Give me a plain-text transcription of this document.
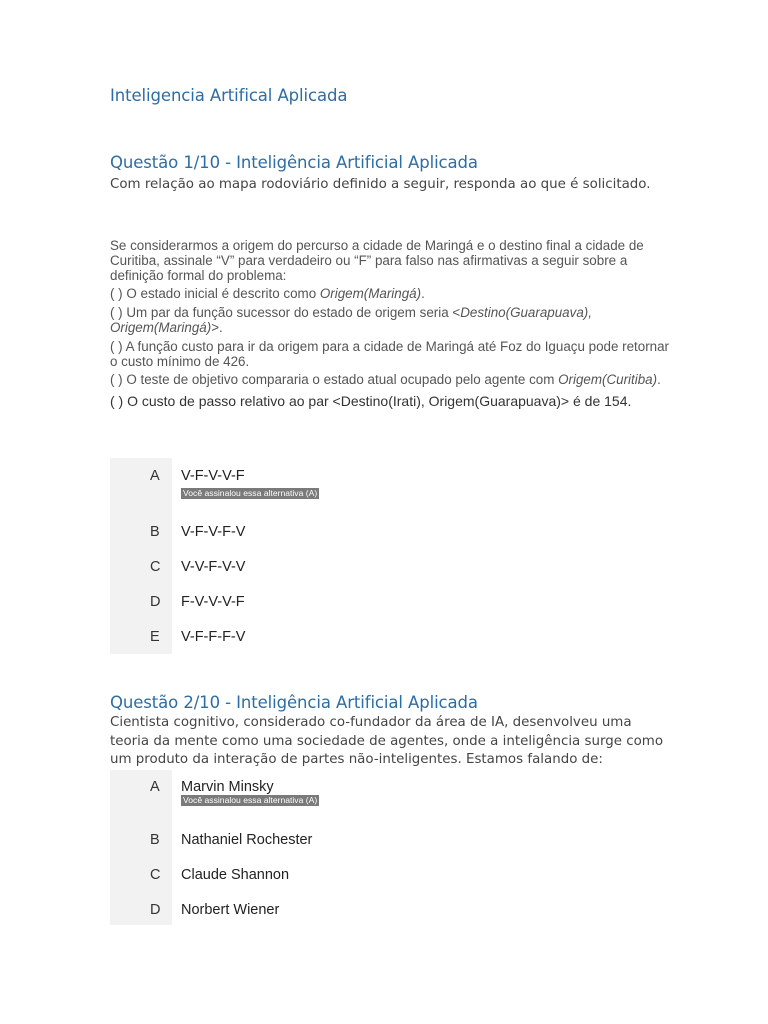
Inteligencia Artifical Aplicada
Questão 1/10 - Inteligência Artificial Aplicada
Com relação ao mapa rodoviário definido a seguir, responda ao que é solicitado.

Se considerarmos a origem do percurso a cidade de Maringá e o destino final a cidade de Curitiba, assinale “V” para verdadeiro ou “F” para falso nas afirmativas a seguir sobre a definição formal do problema:

( ) O estado inicial é descrito como Origem(Maringá).

( ) Um par da função sucessor do estado de origem seria <Destino(Guarapuava), Origem(Maringá)>.

( ) A função custo para ir da origem para a cidade de Maringá até Foz do Iguaçu pode retornar o custo mínimo de 426.

( ) O teste de objetivo compararia o estado atual ocupado pelo agente com Origem(Curitiba).

( ) O custo de passo relativo ao par <Destino(Irati), Origem(Guarapuava)> é de 154.

A V-F-V-V-F
Você assinalou essa alternativa (A)
B V-F-V-F-V
C V-V-F-V-V
D F-V-V-V-F
E V-F-F-F-V
Questão 2/10 - Inteligência Artificial Aplicada
Cientista cognitivo, considerado co-fundador da área de IA, desenvolveu uma teoria da mente como uma sociedade de agentes, onde a inteligência surge como um produto da interação de partes não-inteligentes. Estamos falando de:
A Marvin Minsky
Você assinalou essa alternativa (A)
B Nathaniel Rochester
C Claude Shannon
D Norbert Wiener
